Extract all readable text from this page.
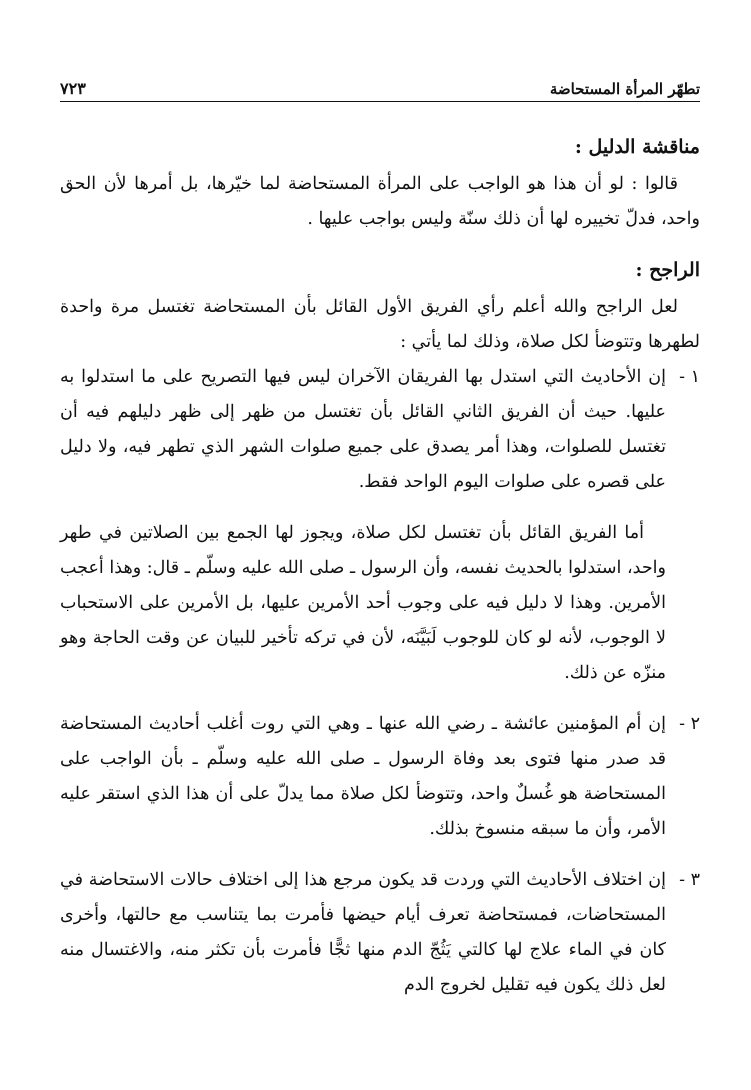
تطهّر المرأة المستحاضة
٧٢٣
مناقشة الدليل :

قالوا : لو أن هذا هو الواجب على المرأة المستحاضة لما خيّرها، بل أمرها لأن الحق واحد، فدلّ تخييره لها أن ذلك سنّة وليس بواجب عليها .

الراجح :

لعل الراجح والله أعلم رأي الفريق الأول القائل بأن المستحاضة تغتسل مرة واحدة لطهرها وتتوضأ لكل صلاة، وذلك لما يأتي :

١ -
إن الأحاديث التي استدل بها الفريقان الآخران ليس فيها التصريح على ما استدلوا به عليها. حيث أن الفريق الثاني القائل بأن تغتسل من ظهر إلى ظهر دليلهم فيه أن تغتسل للصلوات، وهذا أمر يصدق على جميع صلوات الشهر الذي تطهر فيه، ولا دليل على قصره على صلوات اليوم الواحد فقط.

أما الفريق القائل بأن تغتسل لكل صلاة، ويجوز لها الجمع بين الصلاتين في طهر واحد، استدلوا بالحديث نفسه، وأن الرسول ـ صلى الله عليه وسلّم ـ قال: وهذا أعجب الأمرين. وهذا لا دليل فيه على وجوب أحد الأمرين عليها، بل الأمرين على الاستحباب لا الوجوب، لأنه لو كان للوجوب لَبَيَّنَه، لأن في تركه تأخير للبيان عن وقت الحاجة وهو منزّه عن ذلك.

٢ -
إن أم المؤمنين عائشة ـ رضي الله عنها ـ وهي التي روت أغلب أحاديث المستحاضة قد صدر منها فتوى بعد وفاة الرسول ـ صلى الله عليه وسلّم ـ بأن الواجب على المستحاضة هو غُسلٌ واحد، وتتوضأ لكل صلاة مما يدلّ على أن هذا الذي استقر عليه الأمر، وأن ما سبقه منسوخ بذلك.
٣ -
إن اختلاف الأحاديث التي وردت قد يكون مرجع هذا إلى اختلاف حالات الاستحاضة في المستحاضات، فمستحاضة تعرف أيام حيضها فأمرت بما يتناسب مع حالتها، وأخرى كان في الماء علاج لها كالتي يَثُجّ الدم منها ثجًّا فأمرت بأن تكثر منه، والاغتسال منه لعل ذلك يكون فيه تقليل لخروج الدم
